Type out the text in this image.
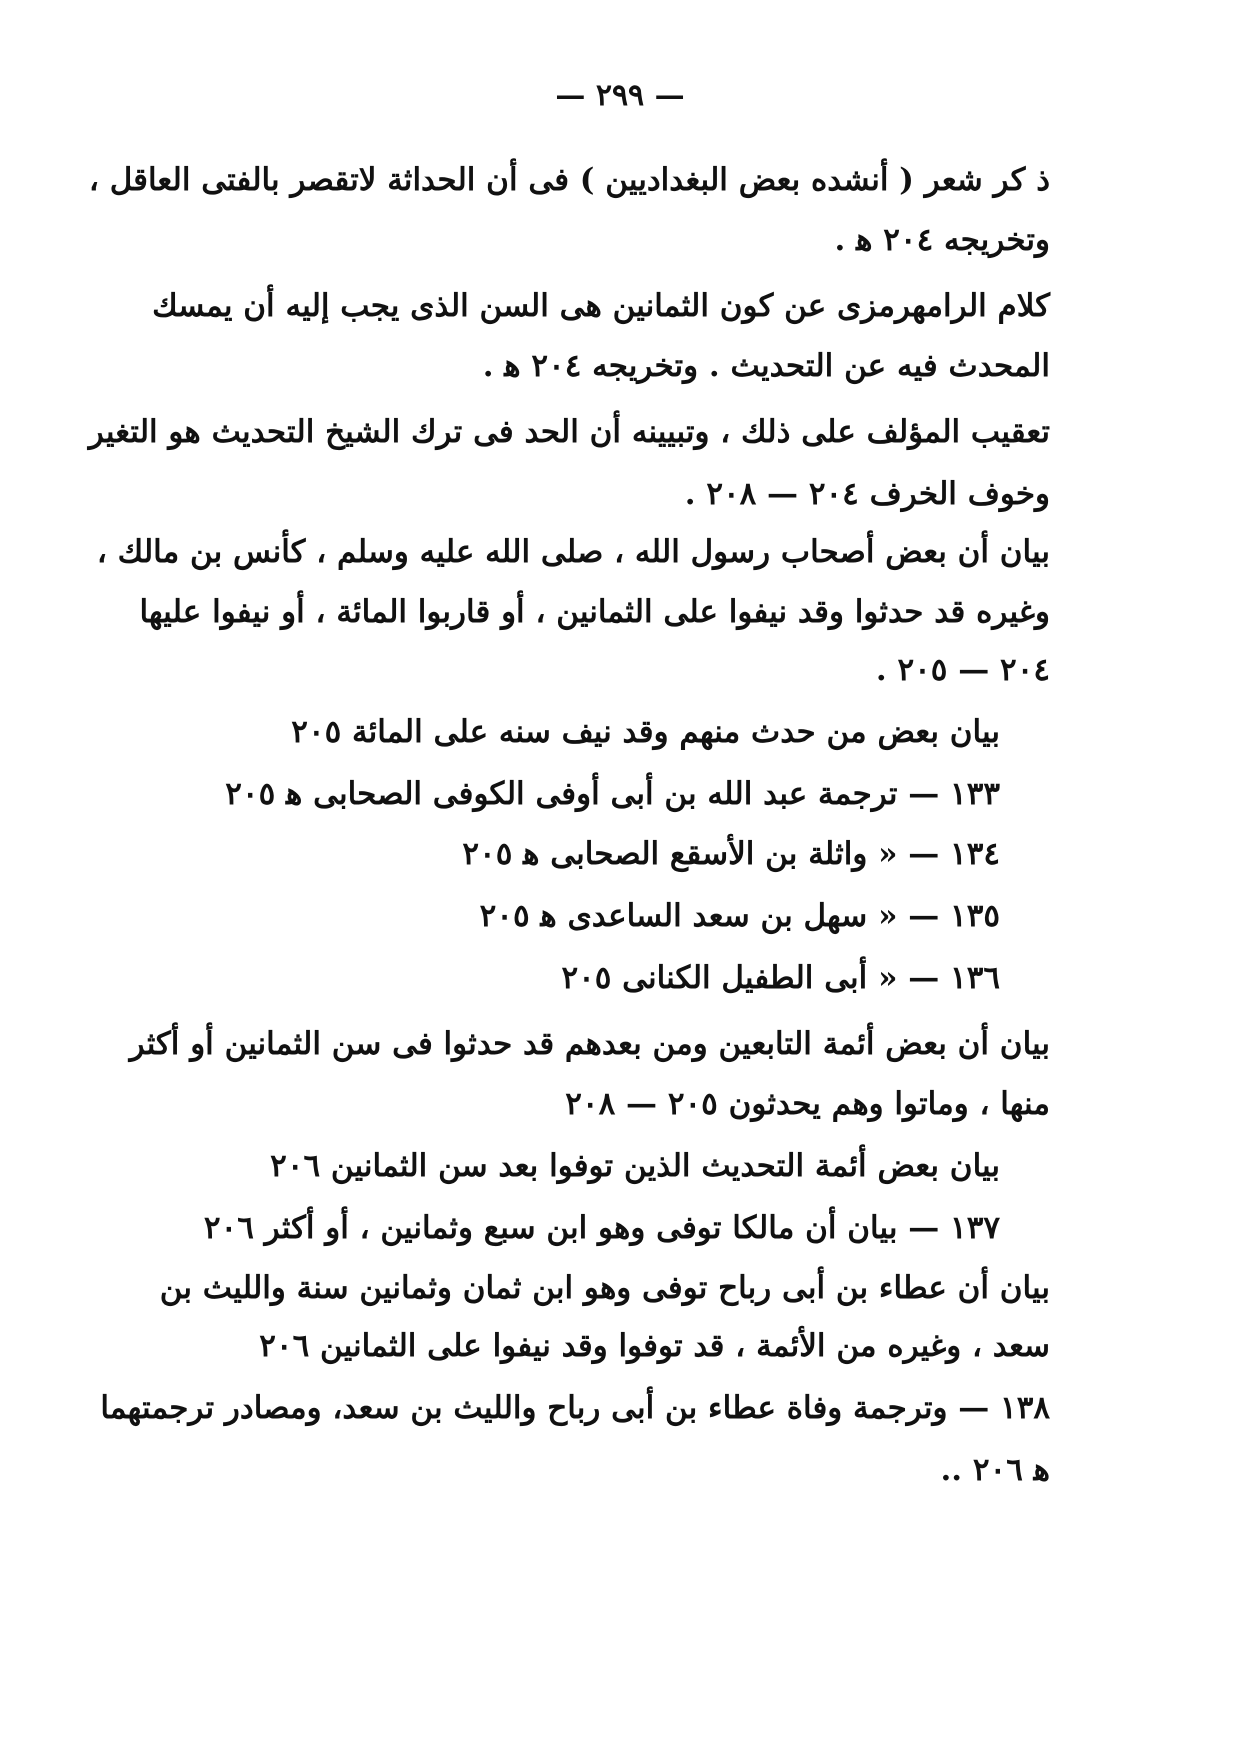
— ٢٩٩ —
ذ كر شعر ( أنشده بعض البغداديين ) فى أن الحداثة لاتقصر بالفتى العاقل ،
وتخريجه ٢٠٤ ﻫ .
كلام الرامهرمزى عن كون الثمانين هى السن الذى يجب إليه أن يمسك
المحدث فيه عن التحديث . وتخريجه ٢٠٤ ﻫ .
تعقيب المؤلف على ذلك ، وتبيينه أن الحد فى ترك الشيخ التحديث هو التغير
وخوف الخرف ٢٠٤ — ٢٠٨ .
بيان أن بعض أصحاب رسول الله ، صلى الله عليه وسلم ، كأنس بن مالك ،
وغيره قد حدثوا وقد نيفوا على الثمانين ، أو قاربوا المائة ، أو نيفوا عليها
٢٠٤ — ٢٠٥ .
بيان بعض من حدث منهم وقد نيف سنه على المائة ٢٠٥
١٣٣ — ترجمة عبد الله بن أبى أوفى الكوفى الصحابى ﻫ ٢٠٥
١٣٤ — « واثلة بن الأسقع الصحابى ﻫ ٢٠٥
١٣٥ — « سهل بن سعد الساعدى ﻫ ٢٠٥
١٣٦ — « أبى الطفيل الكنانى ٢٠٥
بيان أن بعض أئمة التابعين ومن بعدهم قد حدثوا فى سن الثمانين أو أكثر
منها ، وماتوا وهم يحدثون ٢٠٥ — ٢٠٨
بيان بعض أئمة التحديث الذين توفوا بعد سن الثمانين ٢٠٦
١٣٧ — بيان أن مالكا توفى وهو ابن سبع وثمانين ، أو أكثر ٢٠٦
بيان أن عطاء بن أبى رباح توفى وهو ابن ثمان وثمانين سنة والليث بن
سعد ، وغيره من الأئمة ، قد توفوا وقد نيفوا على الثمانين ٢٠٦
١٣٨ — وترجمة وفاة عطاء بن أبى رباح والليث بن سعد، ومصادر ترجمتهما
ﻫ ٢٠٦ ..
